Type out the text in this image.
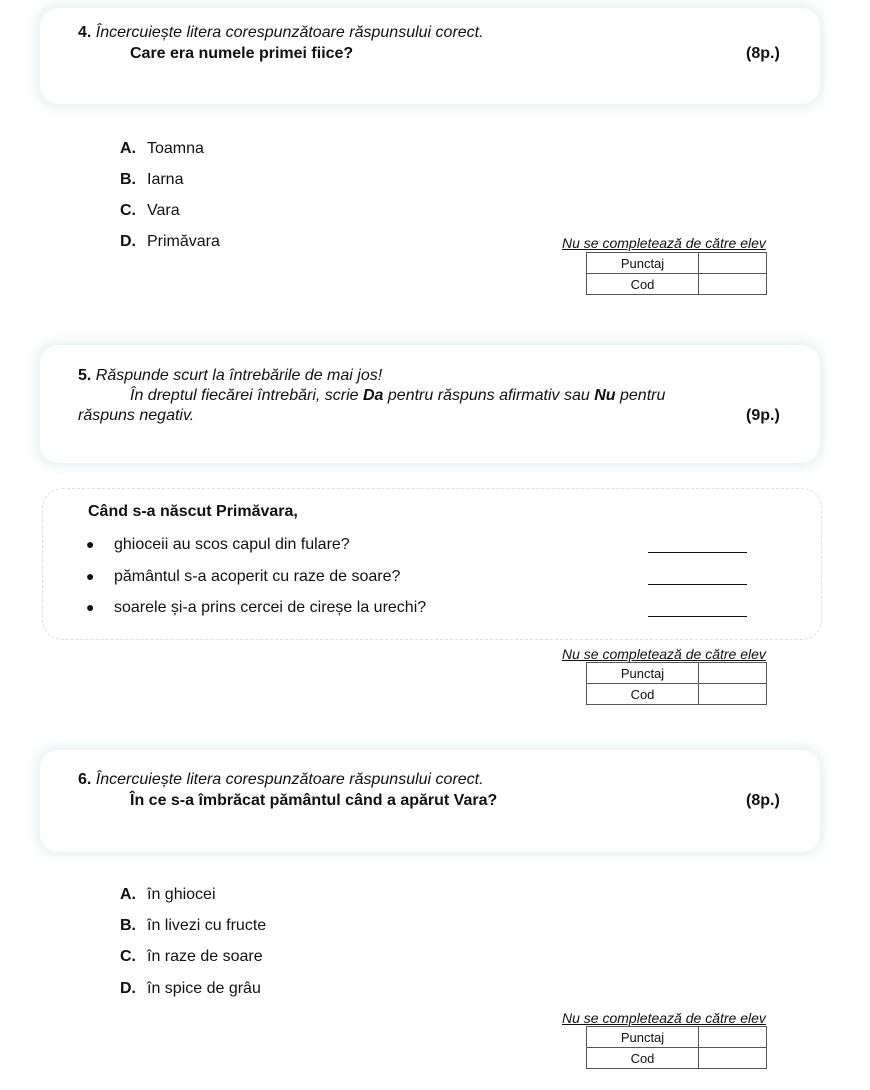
4. Încercuiește litera corespunzătoare răspunsului corect.
Care era numele primei fiice?	(8p.)
A. Toamna
B. Iarna
C. Vara
D. Primăvara	Nu se completează de către elev
Punctaj	
Cod	
5. Răspunde scurt la întrebările de mai jos!
În dreptul fiecărei întrebări, scrie Da pentru răspuns afirmativ sau Nu pentru
răspuns negativ.	(9p.)
Când s-a născut Primăvara,
● ghioceii au scos capul din fulare?
● pământul s-a acoperit cu raze de soare?
● soarele și-a prins cercei de cireșe la urechi?
Nu se completează de către elev
Punctaj	
Cod	
6. Încercuiește litera corespunzătoare răspunsului corect.
În ce s-a îmbrăcat pământul când a apărut Vara?	(8p.)
A. în ghiocei
B. în livezi cu fructe
C. în raze de soare
D. în spice de grâu
Nu se completează de către elev
Punctaj	
Cod	
